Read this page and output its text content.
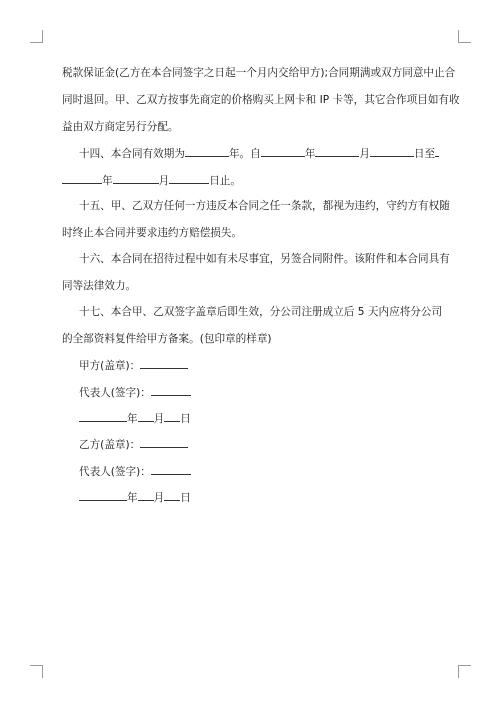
税款保证金(乙方在本合同签字之日起一个月内交给甲方);合同期满或双方同意中止合
同时退回。甲、乙双方按事先商定的价格购买上网卡和 IP 卡等，其它合作项目如有收
益由双方商定另行分配。
十四、本合同有效期为	年。自	年	月	日至
年	月	日止。
十五、甲、乙双方任何一方违反本合同之任一条款，都视为违约，守约方有权随
时终止本合同并要求违约方赔偿损失。
十六、本合同在招待过程中如有未尽事宜，另签合同附件。该附件和本合同具有
同等法律效力。
十七、本合甲、乙双签字盖章后即生效，分公司注册成立后 5 天内应将分公司
的全部资料复件给甲方备案。(包印章的样章)
甲方(盖章)：
代表人(签字)：
年 月 日
乙方(盖章)：
代表人(签字)：
年 月 日
